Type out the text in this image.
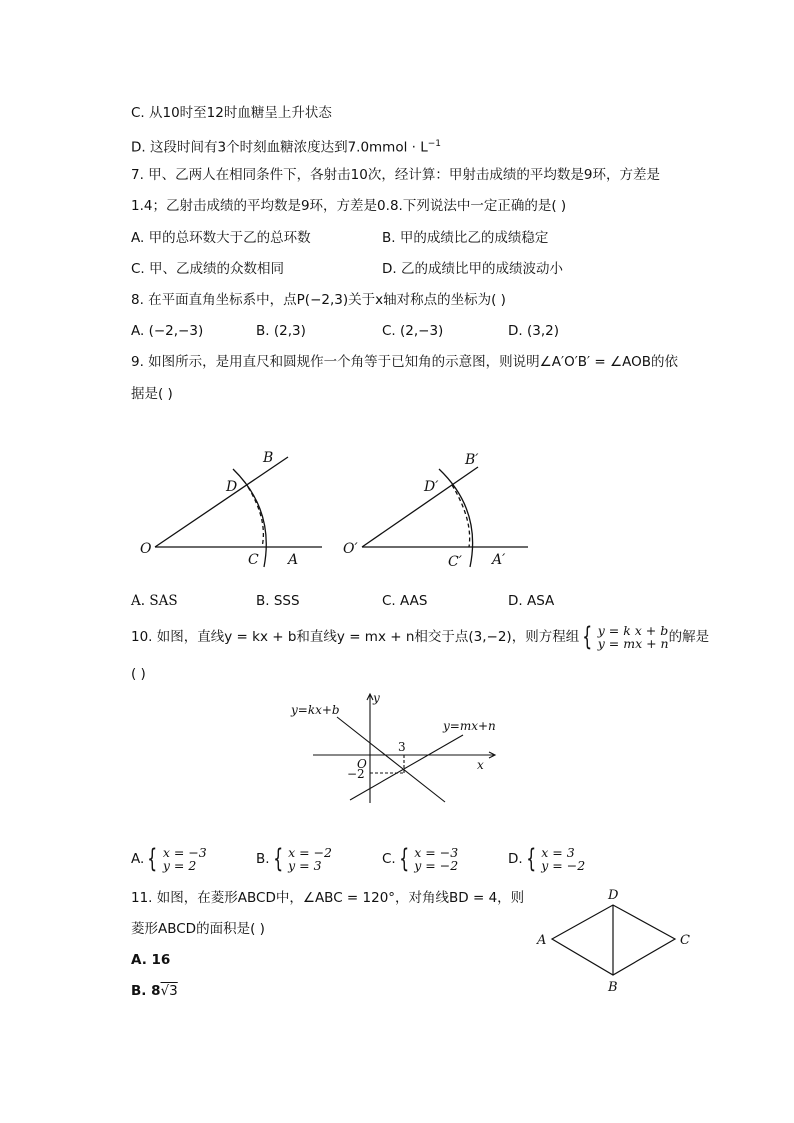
C. 从10时至12时血糖呈上升状态
D. 这段时间有3个时刻血糖浓度达到7.0mmol · $L^{-1}$
7. 甲、乙两人在相同条件下，各射击10次，经计算：甲射击成绩的平均数是9环，方差是
1.4；乙射击成绩的平均数是9环，方差是0.8.下列说法中一定正确的是( )
A. 甲的总环数大于乙的总环数	B. 甲的成绩比乙的成绩稳定
C. 甲、乙成绩的众数相同	D. 乙的成绩比甲的成绩波动小
8. 在平面直角坐标系中，点P(−2,3)关于x轴对称点的坐标为( )
A. (−2,−3)	B. (2,3)	C. (2,−3)	D. (3,2)
9. 如图所示，是用直尺和圆规作一个角等于已知角的示意图，则说明∠A′O′B′ = ∠AOB的依
据是( )
O
C A
D
B
O′
C′ A′
D′
B′
A. SAS	B. SSS	C. AAS	D. ASA
10. 如图，直线y = kx + b和直线y = mx + n相交于点(3,−2)，则方程组 { y = k x + b
y = mx + n 的解是
( )
y=kx+b
y=mx+n
y
x
O
3
−2
A. { x = −3
y = 2	B. { x = −2
y = 3	C. { x = −3
y = −2	D. { x = 3
y = −2
11. 如图，在菱形ABCD中，∠ABC = 120°，对角线BD = 4，则
菱形ABCD的面积是( )
A. 16
B. 8√3
A
D
C
B
